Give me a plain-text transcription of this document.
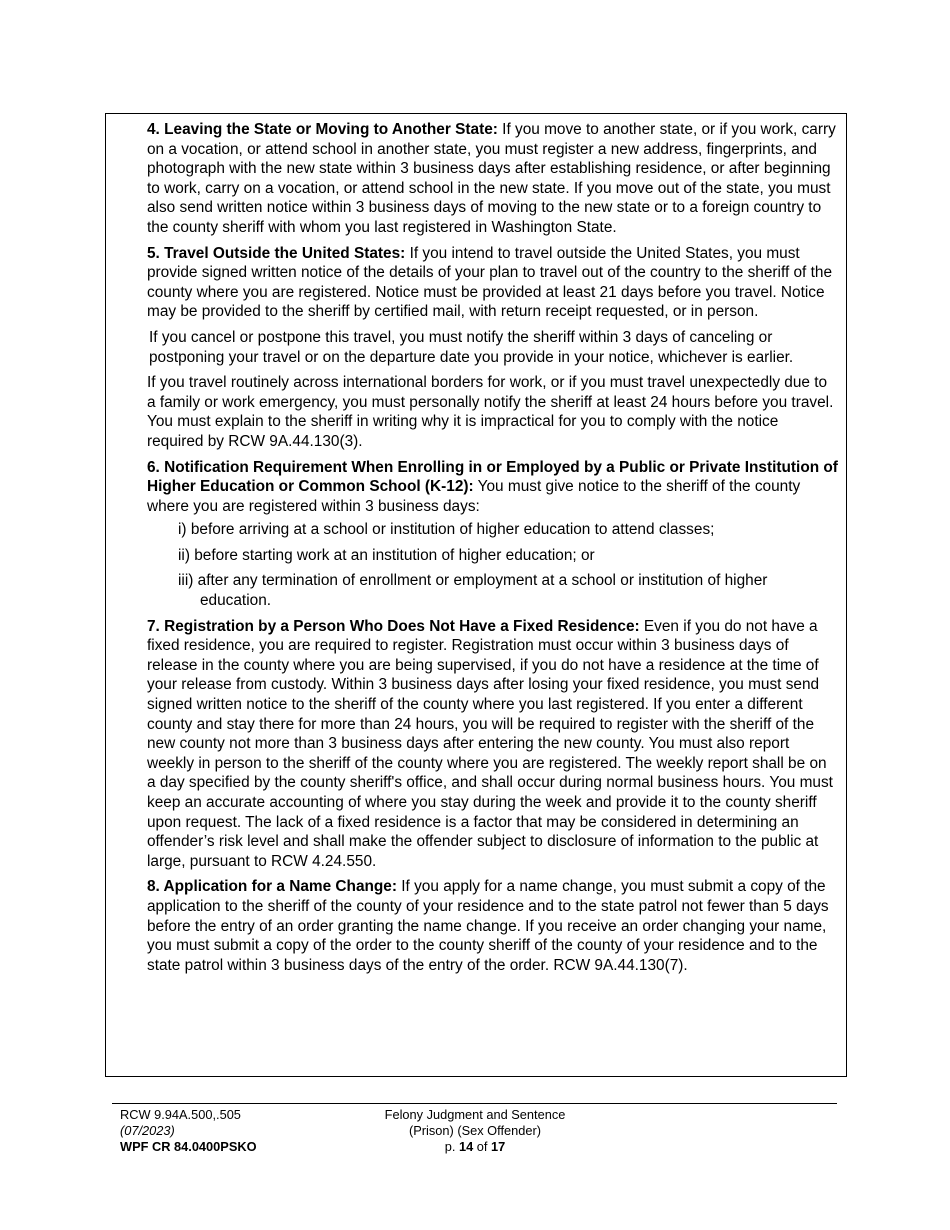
4. Leaving the State or Moving to Another State: If you move to another state, or if you work, carry on a vocation, or attend school in another state, you must register a new address, fingerprints, and photograph with the new state within 3 business days after establishing residence, or after beginning to work, carry on a vocation, or attend school in the new state. If you move out of the state, you must also send written notice within 3 business days of moving to the new state or to a foreign country to the county sheriff with whom you last registered in Washington State.

5. Travel Outside the United States: If you intend to travel outside the United States, you must provide signed written notice of the details of your plan to travel out of the country to the sheriff of the county where you are registered. Notice must be provided at least 21 days before you travel. Notice may be provided to the sheriff by certified mail, with return receipt requested, or in person.

If you cancel or postpone this travel, you must notify the sheriff within 3 days of canceling or postponing your travel or on the departure date you provide in your notice, whichever is earlier.

If you travel routinely across international borders for work, or if you must travel unexpectedly due to a family or work emergency, you must personally notify the sheriff at least 24 hours before you travel. You must explain to the sheriff in writing why it is impractical for you to comply with the notice required by RCW 9A.44.130(3).

6. Notification Requirement When Enrolling in or Employed by a Public or Private Institution of Higher Education or Common School (K-12): You must give notice to the sheriff of the county where you are registered within 3 business days:

i) before arriving at a school or institution of higher education to attend classes;
ii) before starting work at an institution of higher education; or
iii) after any termination of enrollment or employment at a school or institution of higher
education.

7. Registration by a Person Who Does Not Have a Fixed Residence: Even if you do not have a fixed residence, you are required to register. Registration must occur within 3 business days of release in the county where you are being supervised, if you do not have a residence at the time of your release from custody. Within 3 business days after losing your fixed residence, you must send signed written notice to the sheriff of the county where you last registered. If you enter a different county and stay there for more than 24 hours, you will be required to register with the sheriff of the new county not more than 3 business days after entering the new county. You must also report weekly in person to the sheriff of the county where you are registered. The weekly report shall be on a day specified by the county sheriff's office, and shall occur during normal business hours. You must keep an accurate accounting of where you stay during the week and provide it to the county sheriff upon request. The lack of a fixed residence is a factor that may be considered in determining an offender’s risk level and shall make the offender subject to disclosure of information to the public at large, pursuant to RCW 4.24.550.

8. Application for a Name Change: If you apply for a name change, you must submit a copy of the application to the sheriff of the county of your residence and to the state patrol not fewer than 5 days before the entry of an order granting the name change. If you receive an order changing your name, you must submit a copy of the order to the county sheriff of the county of your residence and to the state patrol within 3 business days of the entry of the order. RCW 9A.44.130(7).

RCW 9.94A.500,.505
(07/2023)
WPF CR 84.0400PSKO
Felony Judgment and Sentence
(Prison) (Sex Offender)
p. 14 of 17
